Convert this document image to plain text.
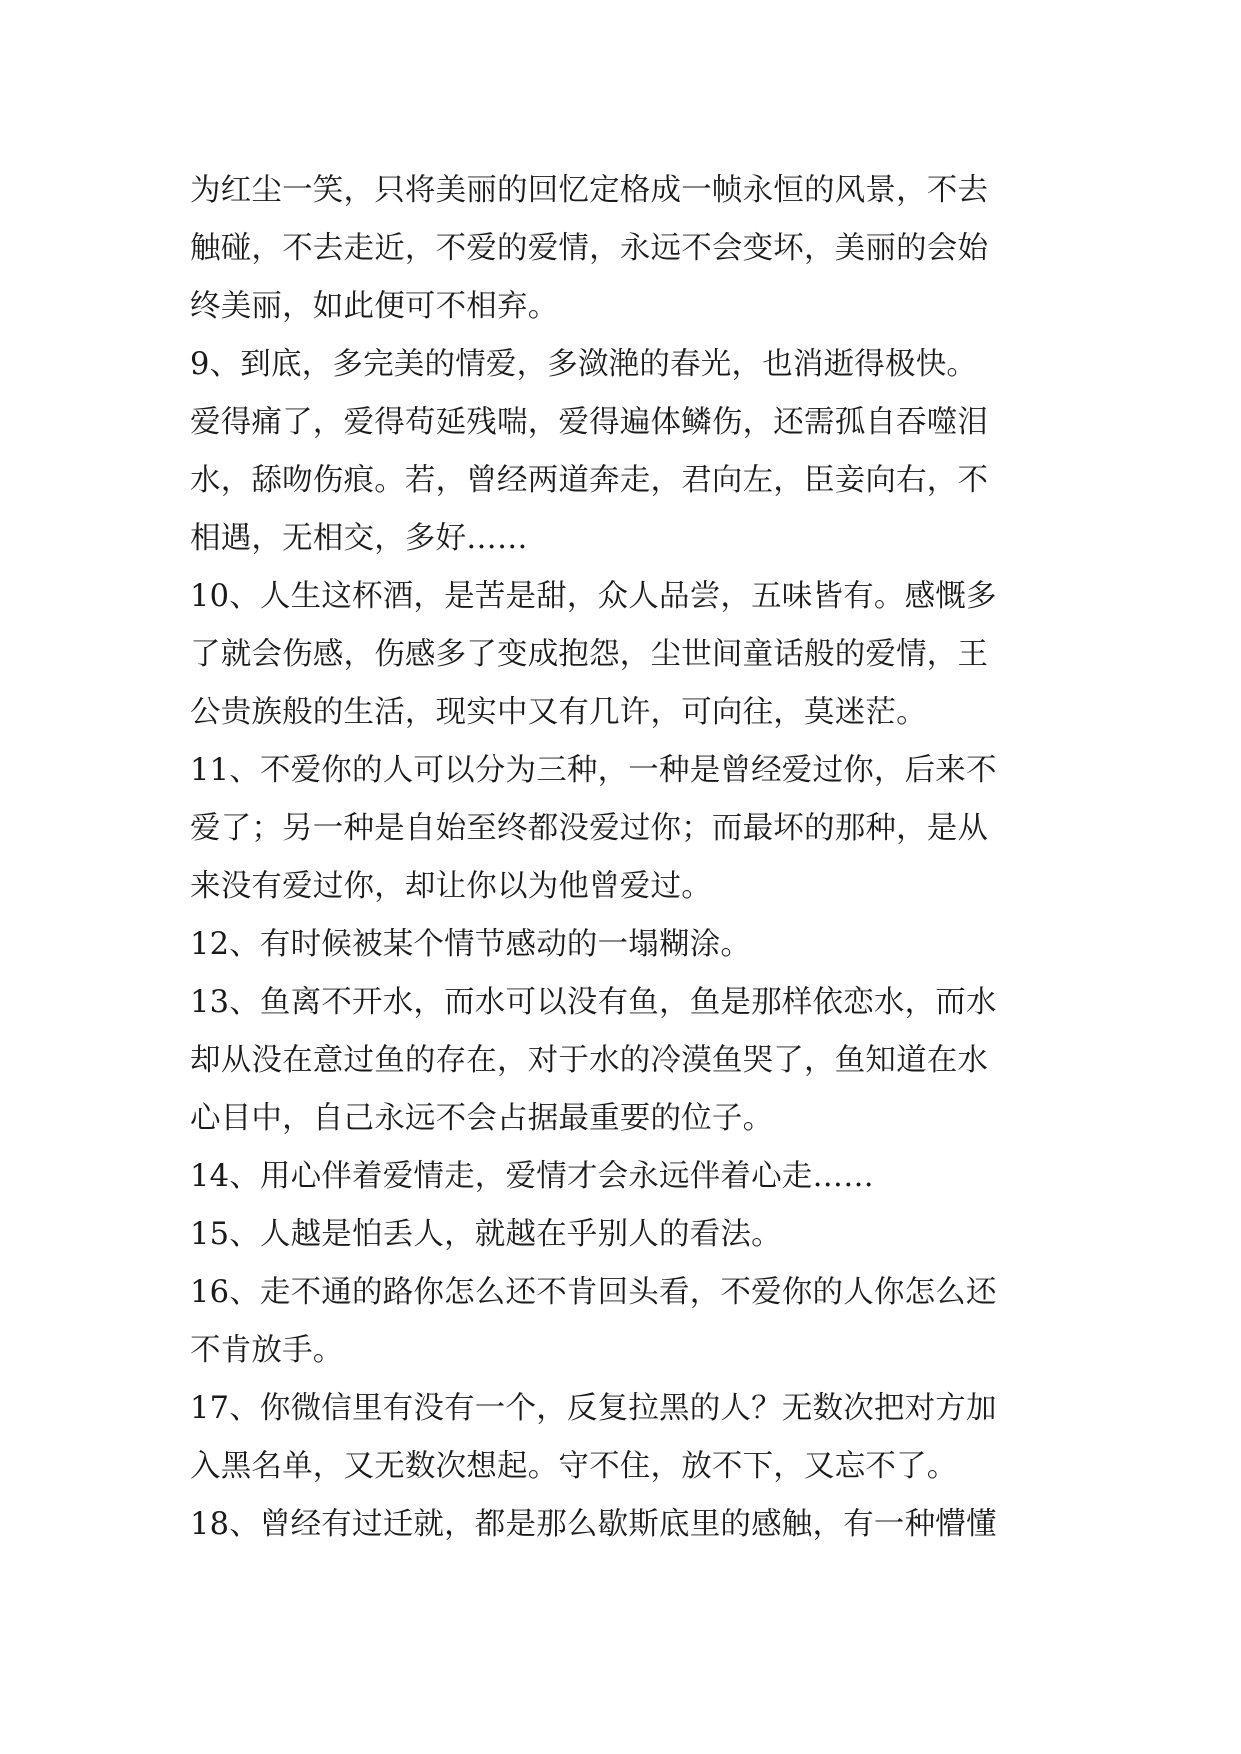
为红尘一笑，只将美丽的回忆定格成一帧永恒的风景，不去
触碰，不去走近，不爱的爱情，永远不会变坏，美丽的会始
终美丽，如此便可不相弃。
9、到底，多完美的情爱，多潋滟的春光，也消逝得极快。
爱得痛了，爱得苟延残喘，爱得遍体鳞伤，还需孤自吞噬泪
水，舔吻伤痕。若，曾经两道奔走，君向左，臣妾向右，不
相遇，无相交，多好……
10、人生这杯酒，是苦是甜，众人品尝，五味皆有。感慨多
了就会伤感，伤感多了变成抱怨，尘世间童话般的爱情，王
公贵族般的生活，现实中又有几许，可向往，莫迷茫。
11、不爱你的人可以分为三种，一种是曾经爱过你，后来不
爱了；另一种是自始至终都没爱过你；而最坏的那种，是从
来没有爱过你，却让你以为他曾爱过。
12、有时候被某个情节感动的一塌糊涂。
13、鱼离不开水，而水可以没有鱼，鱼是那样依恋水，而水
却从没在意过鱼的存在，对于水的冷漠鱼哭了，鱼知道在水
心目中，自己永远不会占据最重要的位子。
14、用心伴着爱情走，爱情才会永远伴着心走……
15、人越是怕丢人，就越在乎别人的看法。
16、走不通的路你怎么还不肯回头看，不爱你的人你怎么还
不肯放手。
17、你微信里有没有一个，反复拉黑的人？无数次把对方加
入黑名单，又无数次想起。守不住，放不下，又忘不了。
18、曾经有过迁就，都是那么歇斯底里的感触，有一种懵懂
